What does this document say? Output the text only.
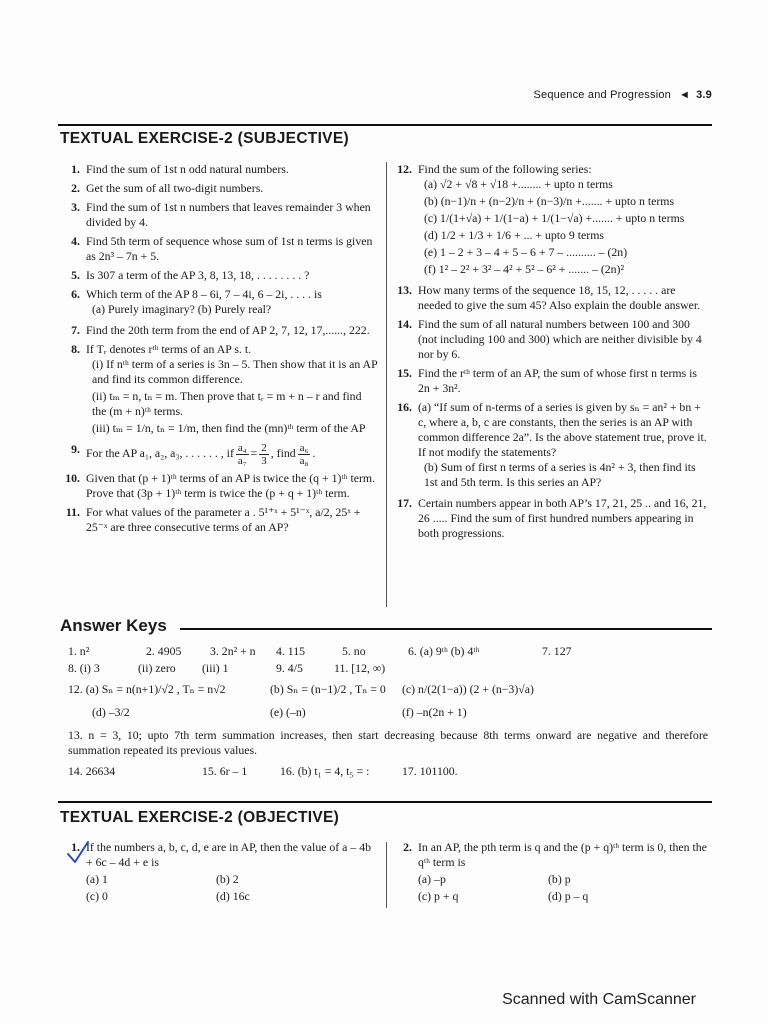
Sequence and Progression ◄ 3.9
TEXTUAL EXERCISE-2 (SUBJECTIVE)
1. Find the sum of 1st n odd natural numbers.
2. Get the sum of all two-digit numbers.
3. Find the sum of 1st n numbers that leaves remainder 3 when divided by 4.
4. Find 5th term of sequence whose sum of 1st n terms is given as 2n³ – 7n + 5.
5. Is 307 a term of the AP 3, 8, 13, 18, . . . . . . . . ?
6. Which term of the AP 8 – 6i, 7 – 4i, 6 – 2i, . . . . is
(a) Purely imaginary? (b) Purely real?
7. Find the 20th term from the end of AP 2, 7, 12, 17,......, 222.
8. If Tᵣ denotes rᵗʰ terms of an AP s. t.
(i) If nᵗʰ term of a series is 3n – 5. Then show that it is an AP and find its common difference.
(ii) tₘ = n, tₙ = m. Then prove that tᵣ = m + n – r and find the (m + n)ᵗʰ terms.
(iii) tₘ = 1/n, tₙ = 1/m, then find the (mn)ᵗʰ term of the AP
9. For the AP a₁, a₂, a₃, . . . . . . , if $\frac{\text{a₄}}{\text{a₇}} = \frac{2}{3}$ , find $\frac{\text{a₆}}{\text{a₈}}$ .
10. Given that (p + 1)ᵗʰ terms of an AP is twice the (q + 1)ᵗʰ term. Prove that (3p + 1)ᵗʰ term is twice the (p + q + 1)ᵗʰ term.
11. For what values of the parameter a . 5¹⁺ˣ + 5¹⁻ˣ, a/2, 25ˣ + 25⁻ˣ are three consecutive terms of an AP?
12. Find the sum of the following series:
(a) √2 + √8 + √18 +........ + upto n terms
(b) (n−1)/n + (n−2)/n + (n−3)/n +....... + upto n terms
(c) 1/(1+√a) + 1/(1−a) + 1/(1−√a) +....... + upto n terms
(d) 1/2 + 1/3 + 1/6 + ... + upto 9 terms
(e) 1 – 2 + 3 – 4 + 5 – 6 + 7 – .......... – (2n)
(f) 1² – 2² + 3² – 4² + 5² – 6² + ....... – (2n)²
13. How many terms of the sequence 18, 15, 12, . . . . . are needed to give the sum 45? Also explain the double answer.
14. Find the sum of all natural numbers between 100 and 300 (not including 100 and 300) which are neither divisible by 4 nor by 6.
15. Find the rᵗʰ term of an AP, the sum of whose first n terms is 2n + 3n².
16. (a) “If sum of n-terms of a series is given by sₙ = an² + bn + c, where a, b, c are constants, then the series is an AP with common difference 2a”. Is the above statement true, prove it. If not modify the statements?
(b) Sum of first n terms of a series is 4n² + 3, then find its 1st and 5th term. Is this series an AP?
17. Certain numbers appear in both AP’s 17, 21, 25 .. and 16, 21, 26 ..... Find the sum of first hundred numbers appearing in both progressions.
Answer Keys
1. n²	2. 4905 3. 2n² + n 4. 115	5. no	6. (a) 9ᵗʰ (b) 4ᵗʰ	7. 127
8. (i) 3	(ii) zero (iii) 1	9. 4/5	11. [12, ∞)
12. (a) Sₙ = n(n+1)/√2 , Tₙ = n√2	(b) Sₙ = (n−1)/2 , Tₙ = 0 (c) n/(2(1−a)) (2 + (n−3)√a)
(d) –3/2	(e) (–n)	(f) –n(2n + 1)
13. n = 3, 10; upto 7th term summation increases, then start decreasing because 8th terms onward are negative and therefore summation repeated its previous values.
14. 26634	15. 6r – 1	16. (b) t₁ = 4, t₅ = :	17. 101100.
TEXTUAL EXERCISE-2 (OBJECTIVE)
1. If the numbers a, b, c, d, e are in AP, then the value of a – 4b + 6c – 4d + e is
(a) 1	(b) 2
(c) 0	(d) 16c
2. In an AP, the pth term is q and the (p + q)ᵗʰ term is 0, then the qᵗʰ term is
(a) –p	(b) p
(c) p + q	(d) p – q
Scanned with CamScanner
